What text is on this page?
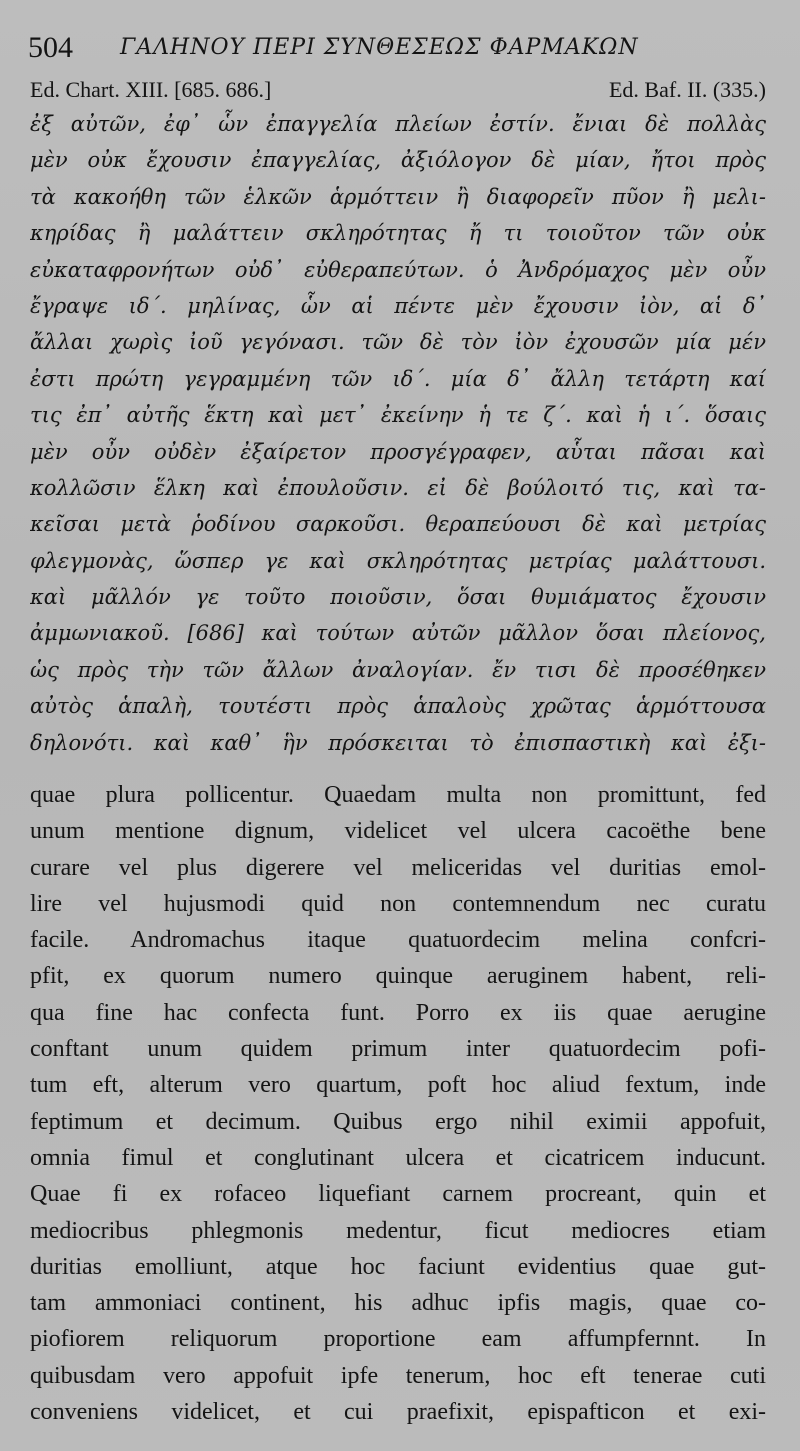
504 ΓΑΛΗΝΟΥ ΠΕΡΙ ΣΥΝΘΕΣΕΩΣ ΦΑΡΜΑΚΩΝ
Ed. Chart. XIII. [685. 686.]	Ed. Baf. II. (335.)
ἐξ αὐτῶν, ἐφ᾿ ὧν ἐπαγγελία πλείων ἐστίν. ἔνιαι δὲ πολλὰς
μὲν οὐκ ἔχουσιν ἐπαγγελίας, ἀξιόλογον δὲ μίαν, ἤτοι πρὸς
τὰ κακοήθη τῶν ἑλκῶν ἁρμόττειν ἢ διαφορεῖν πῦον ἢ μελι-
κηρίδας ἢ μαλάττειν σκληρότητας ἤ τι τοιοῦτον τῶν οὐκ
εὐκαταφρονήτων οὐδ᾿ εὐθεραπεύτων. ὁ Ἀνδρόμαχος μὲν οὖν
ἔγραψε ιδ΄. μηλίνας, ὧν αἱ πέντε μὲν ἔχουσιν ἰὸν, αἱ δ᾿
ἄλλαι χωρὶς ἰοῦ γεγόνασι. τῶν δὲ τὸν ἰὸν ἐχουσῶν μία μέν
ἐστι πρώτη γεγραμμένη τῶν ιδ΄. μία δ᾿ ἄλλη τετάρτη καί
τις ἐπ᾿ αὐτῆς ἕκτη καὶ μετ᾿ ἐκείνην ἡ τε ζ΄. καὶ ἡ ι΄. ὅσαις
μὲν οὖν οὐδὲν ἐξαίρετον προσγέγραφεν, αὗται πᾶσαι καὶ
κολλῶσιν ἕλκη καὶ ἐπουλοῦσιν. εἰ δὲ βούλοιτό τις, καὶ τα-
κεῖσαι μετὰ ῥοδίνου σαρκοῦσι. θεραπεύουσι δὲ καὶ μετρίας
φλεγμονὰς, ὥσπερ γε καὶ σκληρότητας μετρίας μαλάττουσι.
καὶ μᾶλλόν γε τοῦτο ποιοῦσιν, ὅσαι θυμιάματος ἔχουσιν
ἀμμωνιακοῦ. [686] καὶ τούτων αὐτῶν μᾶλλον ὅσαι πλείονος,
ὡς πρὸς τὴν τῶν ἄλλων ἀναλογίαν. ἔν τισι δὲ προσέθηκεν
αὐτὸς ἁπαλὴ, τουτέστι πρὸς ἁπαλοὺς χρῶτας ἁρμόττουσα
δηλονότι. καὶ καθ᾿ ἣν πρόσκειται τὸ ἐπισπαστικὴ καὶ ἐξι-
quae plura pollicentur. Quaedam multa non promittunt, fed
unum mentione dignum, videlicet vel ulcera cacoëthe bene
curare vel plus digerere vel meliceridas vel duritias emol-
lire vel hujusmodi quid non contemnendum nec curatu
facile. Andromachus itaque quatuordecim melina confcri-
pfit, ex quorum numero quinque aeruginem habent, reli-
qua fine hac confecta funt. Porro ex iis quae aerugine
conftant unum quidem primum inter quatuordecim pofi-
tum eft, alterum vero quartum, poft hoc aliud fextum, inde
feptimum et decimum. Quibus ergo nihil eximii appofuit,
omnia fimul et conglutinant ulcera et cicatricem inducunt.
Quae fi ex rofaceo liquefiant carnem procreant, quin et
mediocribus phlegmonis medentur, ficut mediocres etiam
duritias emolliunt, atque hoc faciunt evidentius quae gut-
tam ammoniaci continent, his adhuc ipfis magis, quae co-
piofiorem reliquorum proportione eam affumpfernnt. In
quibusdam vero appofuit ipfe tenerum, hoc eft tenerae cuti
conveniens videlicet, et cui praefixit, epispafticon et exi-
